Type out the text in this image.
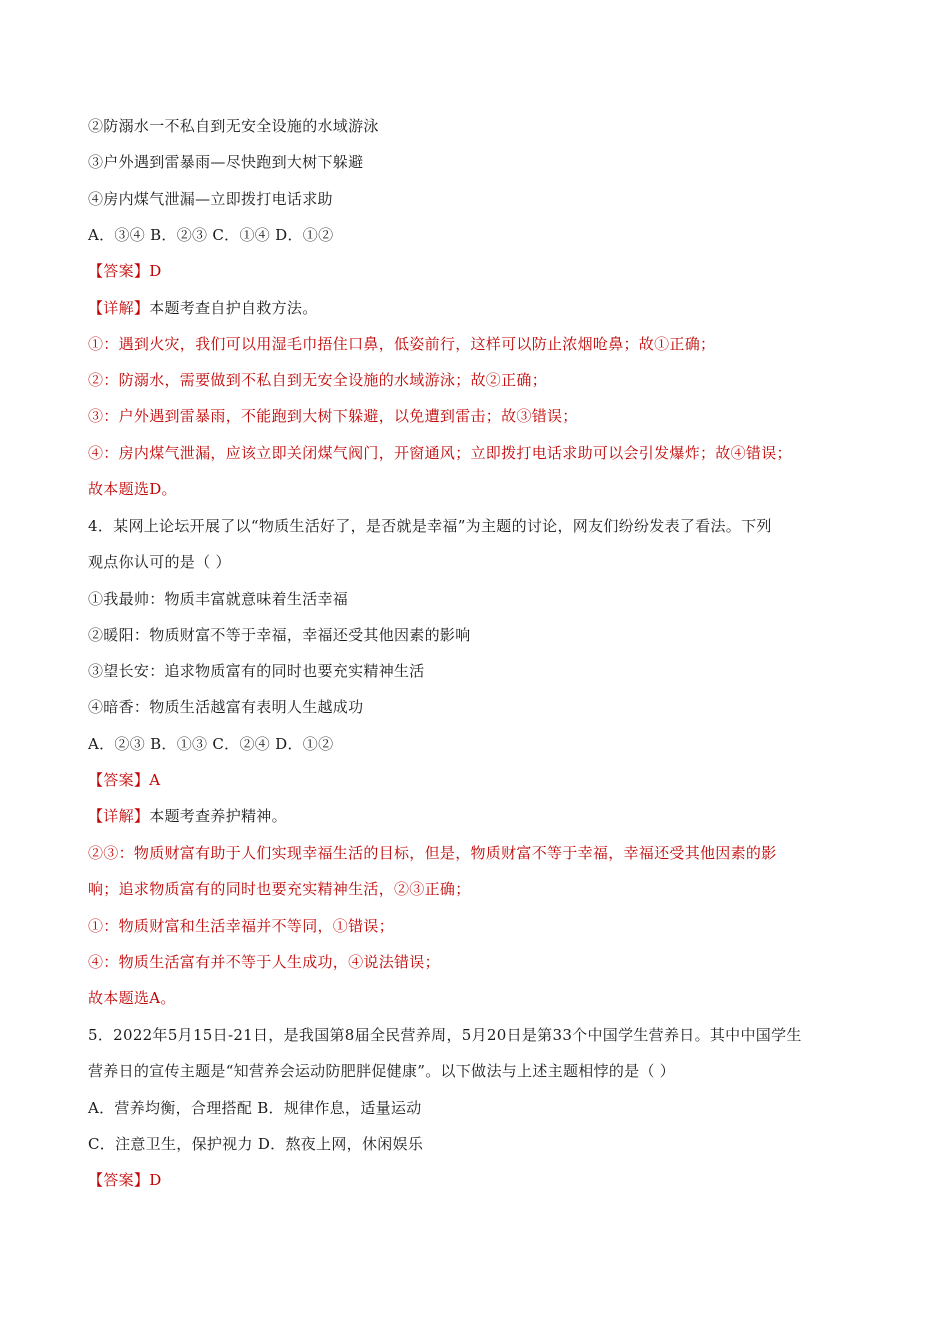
②防溺水一不私自到无安全设施的水域游泳
③户外遇到雷暴雨—尽快跑到大树下躲避
④房内煤气泄漏—立即拨打电话求助
A．③④ B．②③ C．①④ D．①②
【答案】D
【详解】本题考查自护自救方法。
①：遇到火灾，我们可以用湿毛巾捂住口鼻，低姿前行，这样可以防止浓烟呛鼻；故①正确；
②：防溺水，需要做到不私自到无安全设施的水域游泳；故②正确；
③：户外遇到雷暴雨，不能跑到大树下躲避，以免遭到雷击；故③错误；
④：房内煤气泄漏，应该立即关闭煤气阀门，开窗通风；立即拨打电话求助可以会引发爆炸；故④错误；
故本题选D。
4．某网上论坛开展了以“物质生活好了，是否就是幸福”为主题的讨论，网友们纷纷发表了看法。下列
观点你认可的是（ ）
①我最帅：物质丰富就意味着生活幸福
②暖阳：物质财富不等于幸福，幸福还受其他因素的影响
③望长安：追求物质富有的同时也要充实精神生活
④暗香：物质生活越富有表明人生越成功
A．②③ B．①③ C．②④ D．①②
【答案】A
【详解】本题考查养护精神。
②③：物质财富有助于人们实现幸福生活的目标，但是，物质财富不等于幸福，幸福还受其他因素的影
响；追求物质富有的同时也要充实精神生活，②③正确；
①：物质财富和生活幸福并不等同，①错误；
④：物质生活富有并不等于人生成功，④说法错误；
故本题选A。
5．2022年5月15日-21日，是我国第8届全民营养周，5月20日是第33个中国学生营养日。其中中国学生
营养日的宣传主题是“知营养会运动防肥胖促健康”。以下做法与上述主题相悖的是（ ）
A．营养均衡，合理搭配 B．规律作息，适量运动
C．注意卫生，保护视力 D．熬夜上网，休闲娱乐
【答案】D
